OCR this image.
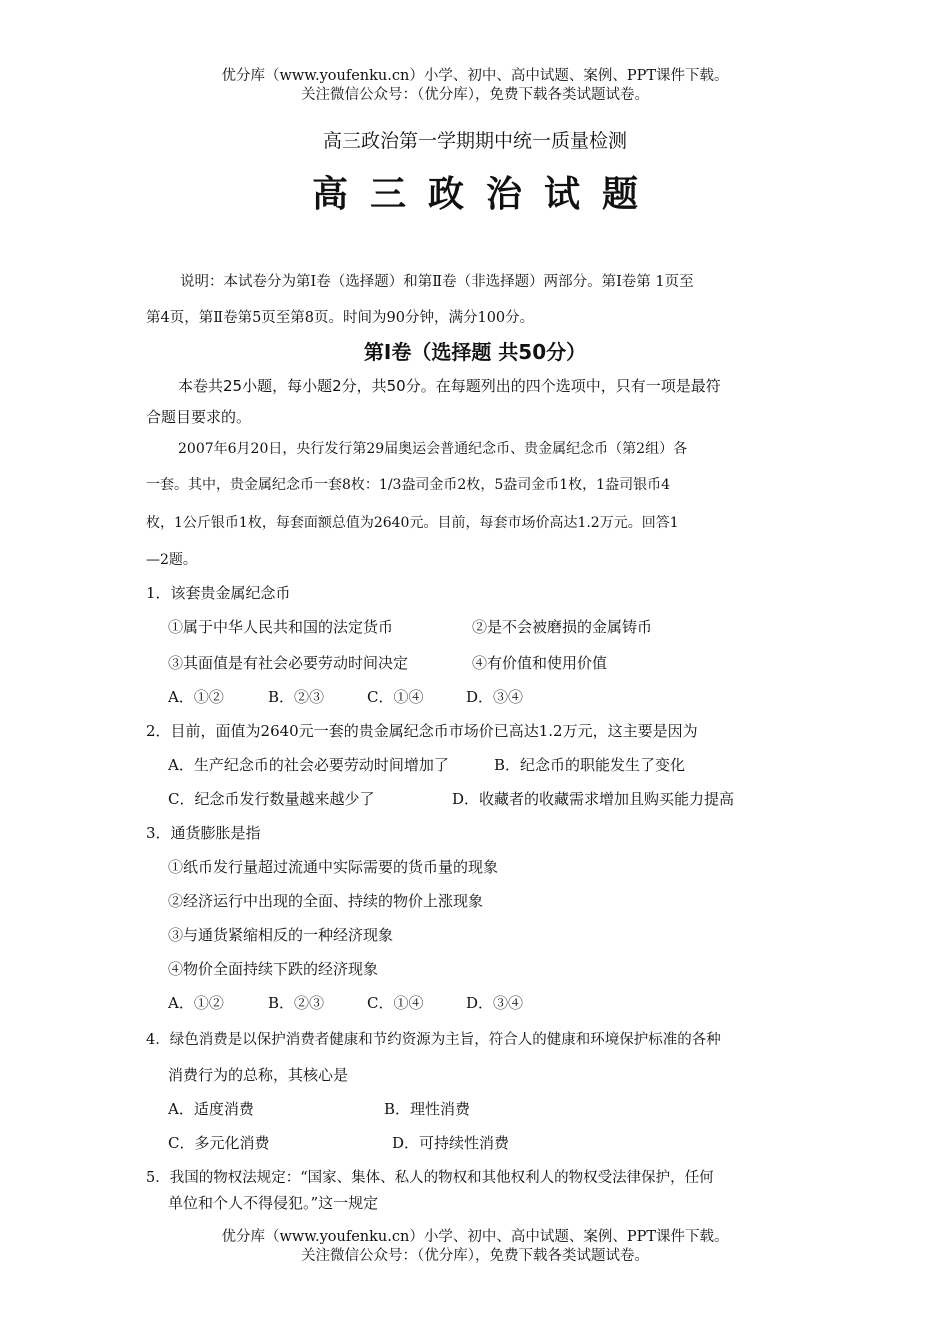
优分库（www.youfenku.cn）小学、初中、高中试题、案例、PPT课件下载。
关注微信公众号：（优分库），免费下载各类试题试卷。
高三政治第一学期期中统一质量检测
高三政治试题
说明：本试卷分为第Ⅰ卷（选择题）和第Ⅱ卷（非选择题）两部分。第Ⅰ卷第 1页至
第4页，第Ⅱ卷第5页至第8页。时间为90分钟，满分100分。
第Ⅰ卷（选择题 共50分）
本卷共25小题，每小题2分，共50分。在每题列出的四个选项中，只有一项是最符
合题目要求的。
2007年6月20日，央行发行第29届奥运会普通纪念币、贵金属纪念币（第2组）各
一套。其中，贵金属纪念币一套8枚：1/3盎司金币2枚，5盎司金币1枚，1盎司银币4
枚，1公斤银币1枚，每套面额总值为2640元。目前，每套市场价高达1.2万元。回答1
—2题。
1．该套贵金属纪念币
①属于中华人民共和国的法定货币	②是不会被磨损的金属铸币
③其面值是有社会必要劳动时间决定	④有价值和使用价值
A．①②	B．②③	C．①④	D．③④
2．目前，面值为2640元一套的贵金属纪念币市场价已高达1.2万元，这主要是因为
A．生产纪念币的社会必要劳动时间增加了	B．纪念币的职能发生了变化
C．纪念币发行数量越来越少了	D．收藏者的收藏需求增加且购买能力提高
3．通货膨胀是指
①纸币发行量超过流通中实际需要的货币量的现象
②经济运行中出现的全面、持续的物价上涨现象
③与通货紧缩相反的一种经济现象
④物价全面持续下跌的经济现象
A．①②	B．②③	C．①④	D．③④
4．绿色消费是以保护消费者健康和节约资源为主旨，符合人的健康和环境保护标准的各种
消费行为的总称，其核心是
A．适度消费	B．理性消费
C．多元化消费	D．可持续性消费
5．我国的物权法规定：“国家、集体、私人的物权和其他权利人的物权受法律保护，任何
单位和个人不得侵犯。”这一规定
优分库（www.youfenku.cn）小学、初中、高中试题、案例、PPT课件下载。
关注微信公众号：（优分库），免费下载各类试题试卷。
